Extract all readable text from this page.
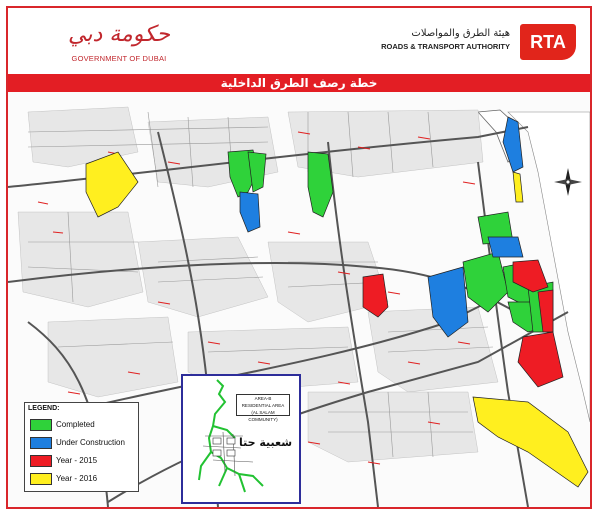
حكومة دبي
GOVERNMENT OF DUBAI
هيئة الطرق والمواصلات
ROADS & TRANSPORT AUTHORITY	RTA
خطة رصف الطرق الداخلية
AREA-B
RESIDENTIAL AREA
(AL SALAM COMMUNITY)
شعبية حتا
LEGEND:
Completed
Under Construction
Year - 2015
Year - 2016
